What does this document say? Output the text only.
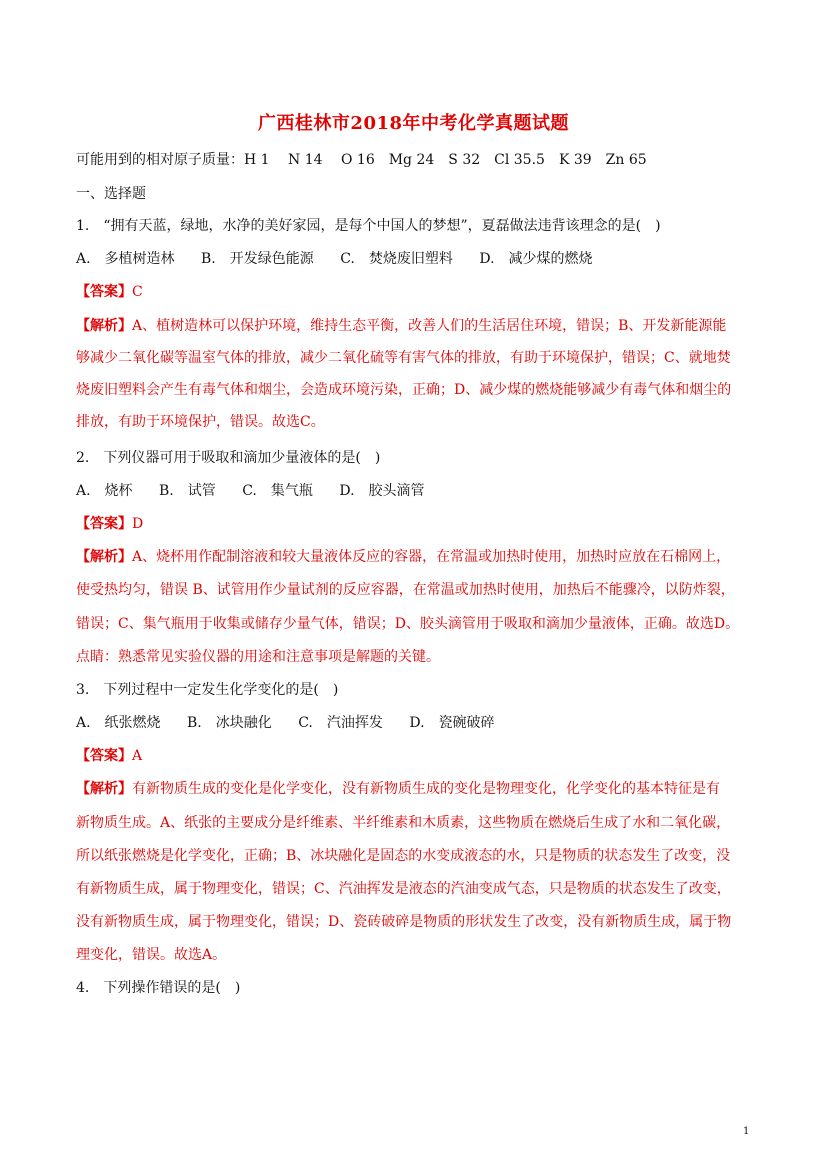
广西桂林市2018年中考化学真题试题
可能用到的相对原子质量：H 1 　N 14 　O 16　Mg 24　S 32　Cl 35.5　K 39　Zn 65
一、选择题
1.　“拥有天蓝，绿地，水净的美好家园，是每个中国人的梦想”，夏磊做法违背该理念的是(　)
A.　多植树造林 B.　开发绿色能源 C.　焚烧废旧塑料 D.　减少煤的燃烧
【答案】C
【解析】A、植树造林可以保护环境，维持生态平衡，改善人们的生活居住环境，错误；B、开发新能源能
够减少二氧化碳等温室气体的排放，减少二氧化硫等有害气体的排放，有助于环境保护，错误；C、就地焚
烧废旧塑料会产生有毒气体和烟尘，会造成环境污染，正确；D、减少煤的燃烧能够减少有毒气体和烟尘的
排放，有助于环境保护，错误。故选C。
2.　下列仪器可用于吸取和滴加少量液体的是(　)
A.　烧杯 B.　试管 C.　集气瓶 D.　胶头滴管
【答案】D
【解析】A、烧杯用作配制溶液和较大量液体反应的容器，在常温或加热时使用，加热时应放在石棉网上，
使受热均匀，错误 B、试管用作少量试剂的反应容器，在常温或加热时使用，加热后不能骤冷，以防炸裂，
错误；C、集气瓶用于收集或储存少量气体，错误；D、胶头滴管用于吸取和滴加少量液体，正确。故选D。
点睛：熟悉常见实验仪器的用途和注意事项是解题的关键。
3.　下列过程中一定发生化学变化的是(　)
A.　纸张燃烧 B.　冰块融化 C.　汽油挥发 D.　瓷碗破碎
【答案】A
【解析】有新物质生成的变化是化学变化，没有新物质生成的变化是物理变化，化学变化的基本特征是有
新物质生成。A、纸张的主要成分是纤维素、半纤维素和木质素，这些物质在燃烧后生成了水和二氧化碳，
所以纸张燃烧是化学变化，正确；B、冰块融化是固态的水变成液态的水，只是物质的状态发生了改变，没
有新物质生成，属于物理变化，错误；C、汽油挥发是液态的汽油变成气态，只是物质的状态发生了改变，
没有新物质生成，属于物理变化，错误；D、瓷砖破碎是物质的形状发生了改变，没有新物质生成，属于物
理变化，错误。故选A。
4.　下列操作错误的是(　)
1
